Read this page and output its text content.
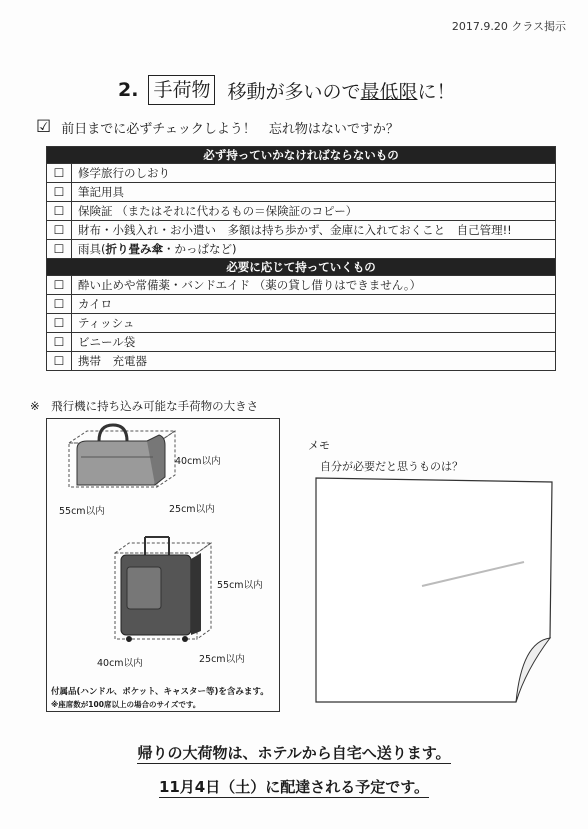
2017.9.20 クラス掲示
2. 手荷物 移動が多いので 最低限 に！
☑ 前日までに必ずチェックしよう！　忘れ物はないですか？
必ず持っていかなければならないもの	
☐	修学旅行のしおり
☐	筆記用具
☐	保険証 （またはそれに代わるもの＝保険証のコピー）
☐	財布・小銭入れ・お小遣い　多額は持ち歩かず、金庫に入れておくこと　自己管理!!
☐	雨具(折り畳み傘・かっぱなど)
必要に応じて持っていくもの	
☐	酔い止めや常備薬・バンドエイド （薬の貸し借りはできません。）
☐	カイロ
☐	ティッシュ
☐	ビニール袋
☐	携帯　充電器
※　飛行機に持ち込み可能な手荷物の大きさ
40cm以内
55cm以内	25cm以内
55cm以内
40cm以内	25cm以内
付属品(ハンドル、ポケット、キャスター等)を含みます。
※座席数が100席以上の場合のサイズです。
メモ
自分が必要だと思うものは？
帰りの大荷物は、ホテルから自宅へ送ります。
11月4日（土）に配達される予定です。
